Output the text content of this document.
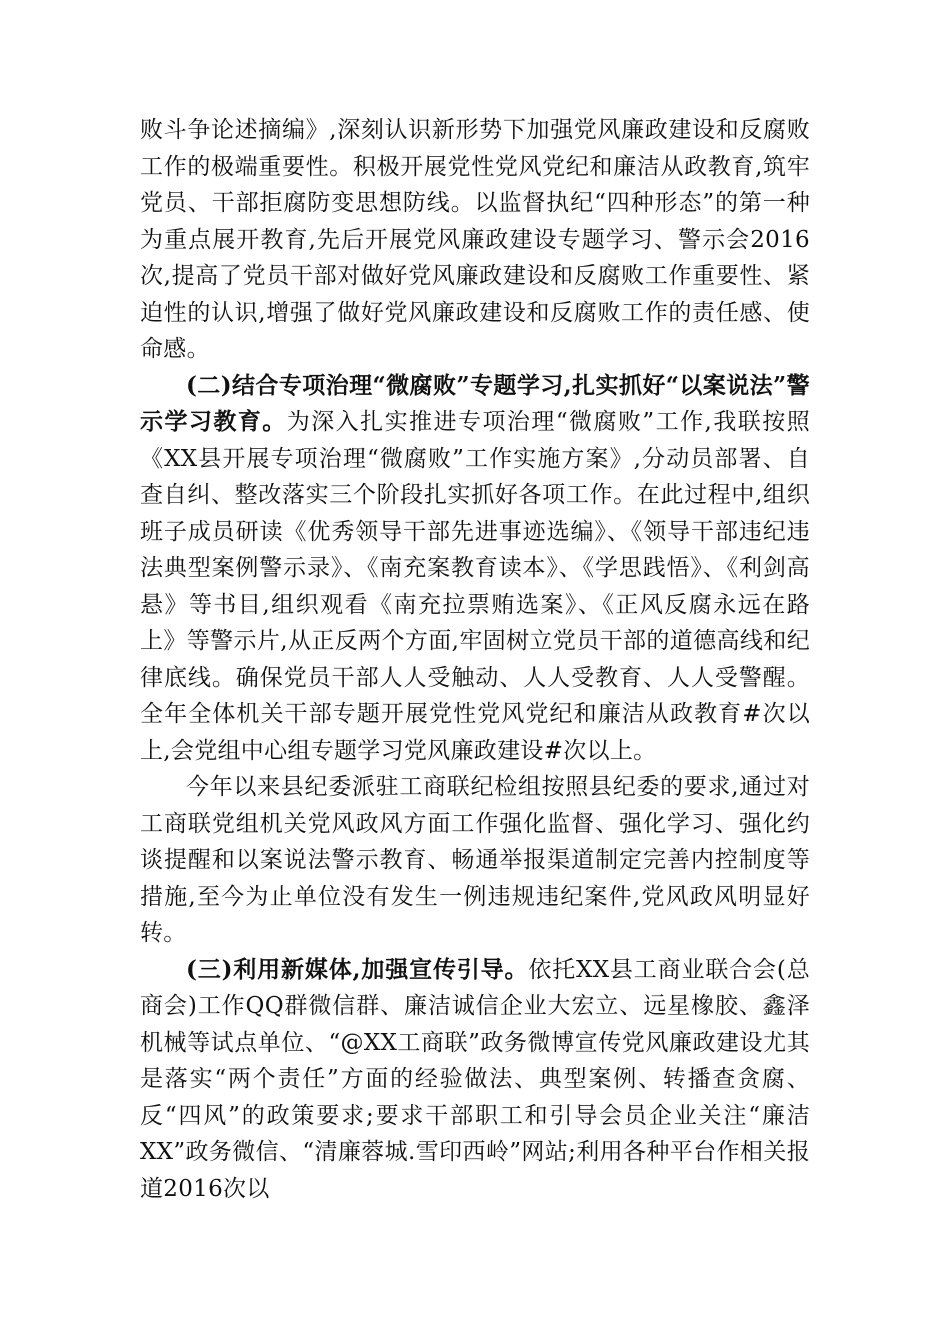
败斗争论述摘编》,深刻认识新形势下加强党风廉政建设和反腐败工作的极端重要性。积极开展党性党风党纪和廉洁从政教育,筑牢党员、干部拒腐防变思想防线。以监督执纪“四种形态”的第一种为重点展开教育,先后开展党风廉政建设专题学习、警示会2016次,提高了党员干部对做好党风廉政建设和反腐败工作重要性、紧迫性的认识,增强了做好党风廉政建设和反腐败工作的责任感、使命感。

(二)结合专项治理“微腐败”专题学习,扎实抓好“以案说法”警示学习教育。为深入扎实推进专项治理“微腐败”工作,我联按照《XX县开展专项治理“微腐败”工作实施方案》,分动员部署、自查自纠、整改落实三个阶段扎实抓好各项工作。在此过程中,组织班子成员研读《优秀领导干部先进事迹选编》、《领导干部违纪违法典型案例警示录》、《南充案教育读本》、《学思践悟》、《利剑高悬》等书目,组织观看《南充拉票贿选案》、《正风反腐永远在路上》等警示片,从正反两个方面,牢固树立党员干部的道德高线和纪律底线。确保党员干部人人受触动、人人受教育、人人受警醒。全年全体机关干部专题开展党性党风党纪和廉洁从政教育#次以上,会党组中心组专题学习党风廉政建设#次以上。

今年以来县纪委派驻工商联纪检组按照县纪委的要求,通过对工商联党组机关党风政风方面工作强化监督、强化学习、强化约谈提醒和以案说法警示教育、畅通举报渠道制定完善内控制度等措施,至今为止单位没有发生一例违规违纪案件,党风政风明显好转。

(三)利用新媒体,加强宣传引导。依托XX县工商业联合会(总商会)工作QQ群微信群、廉洁诚信企业大宏立、远星橡胶、鑫泽机械等试点单位、“@XX工商联”政务微博宣传党风廉政建设尤其是落实“两个责任”方面的经验做法、典型案例、转播查贪腐、反“四风”的政策要求;要求干部职工和引导会员企业关注“廉洁XX”政务微信、“清廉蓉城.雪印西岭”网站;利用各种平台作相关报道2016次以
